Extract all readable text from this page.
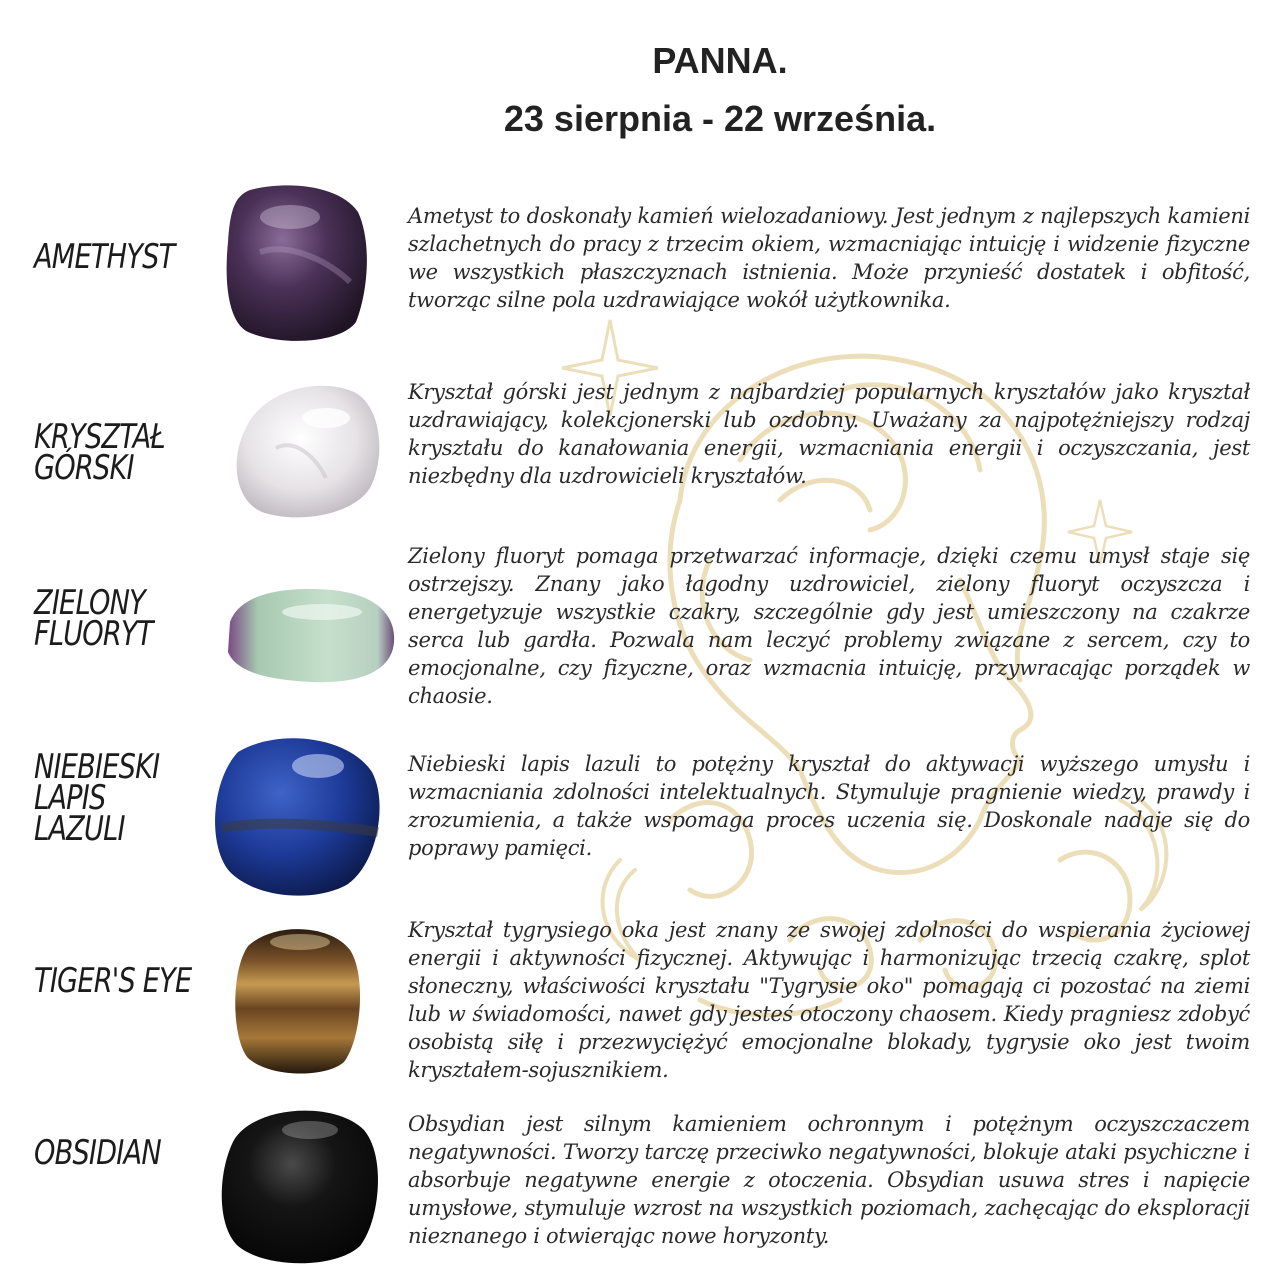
PANNA.
23 sierpnia - 22 września.
AMETHYST
Ametyst to doskonały kamień wielozadaniowy. Jest jednym z najlepszych kamieni szlachetnych do pracy z trzecim okiem, wzmacniając intuicję i widzenie fizyczne we wszystkich płaszczyznach istnienia. Może przynieść dostatek i obfitość, tworząc silne pola uzdrawiające wokół użytkownika.
KRYSZTAŁ
GÓRSKI
Kryształ górski jest jednym z najbardziej popularnych kryształów jako kryształ uzdrawiający, kolekcjonerski lub ozdobny. Uważany za najpotężniejszy rodzaj kryształu do kanałowania energii, wzmacniania energii i oczyszczania, jest niezbędny dla uzdrowicieli kryształów.
ZIELONY
FLUORYT
Zielony fluoryt pomaga przetwarzać informacje, dzięki czemu umysł staje się ostrzejszy. Znany jako łagodny uzdrowiciel, zielony fluoryt oczyszcza i energetyzuje wszystkie czakry, szczególnie gdy jest umieszczony na czakrze serca lub gardła. Pozwala nam leczyć problemy związane z sercem, czy to emocjonalne, czy fizyczne, oraz wzmacnia intuicję, przywracając porządek w chaosie.
NIEBIESKI
LAPIS
LAZULI
Niebieski lapis lazuli to potężny kryształ do aktywacji wyższego umysłu i wzmacniania zdolności intelektualnych. Stymuluje pragnienie wiedzy, prawdy i zrozumienia, a także wspomaga proces uczenia się. Doskonale nadaje się do poprawy pamięci.
TIGER'S EYE
Kryształ tygrysiego oka jest znany ze swojej zdolności do wspierania życiowej energii i aktywności fizycznej. Aktywując i harmonizując trzecią czakrę, splot słoneczny, właściwości kryształu "Tygrysie oko" pomagają ci pozostać na ziemi lub w świadomości, nawet gdy jesteś otoczony chaosem. Kiedy pragniesz zdobyć osobistą siłę i przezwyciężyć emocjonalne blokady, tygrysie oko jest twoim kryształem-sojusznikiem.
OBSIDIAN
Obsydian jest silnym kamieniem ochronnym i potężnym oczyszczaczem negatywności. Tworzy tarczę przeciwko negatywności, blokuje ataki psychiczne i absorbuje negatywne energie z otoczenia. Obsydian usuwa stres i napięcie umysłowe, stymuluje wzrost na wszystkich poziomach, zachęcając do eksploracji nieznanego i otwierając nowe horyzonty.
